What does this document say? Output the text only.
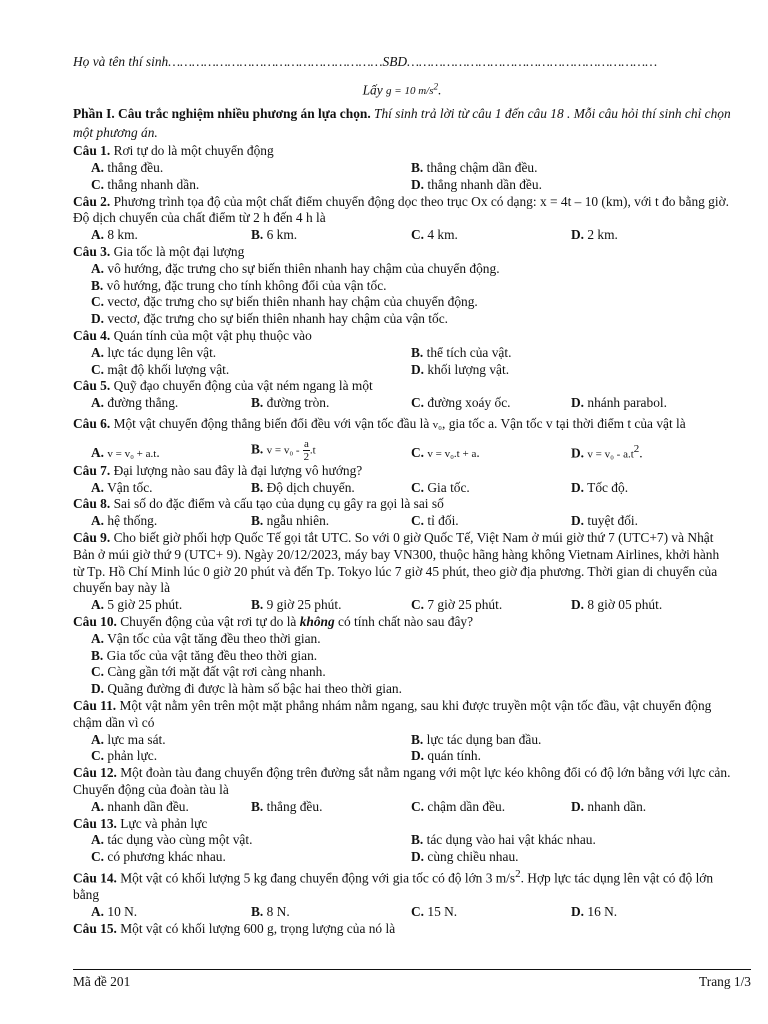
Họ và tên thí sinh………………………………………………SBD………………………………………………………
Lấy g = 10 $m/s^2$.
Phần I. Câu trắc nghiệm nhiều phương án lựa chọn. Thí sinh trả lời từ câu 1 đến câu 18 . Mỗi câu hỏi thí sinh chỉ chọn một phương án.
Câu 1. Rơi tự do là một chuyển động
A. thẳng đều.	B. thẳng chậm dần đều.
C. thẳng nhanh dần.	D. thẳng nhanh dần đều.
Câu 2. Phương trình tọa độ của một chất điểm chuyển động dọc theo trục Ox có dạng: x = 4t – 10 (km), với t đo bằng giờ. Độ dịch chuyển của chất điểm từ 2 h đến 4 h là
A. 8 km.	B. 6 km.	C. 4 km.	D. 2 km.
Câu 3. Gia tốc là một đại lượng
A. vô hướng, đặc trưng cho sự biến thiên nhanh hay chậm của chuyển động.
B. vô hướng, đặc trung cho tính không đổi của vận tốc.
C. vectơ, đặc trưng cho sự biến thiên nhanh hay chậm của chuyển động.
D. vectơ, đặc trưng cho sự biến thiên nhanh hay chậm của vận tốc.
Câu 4. Quán tính của một vật phụ thuộc vào
A. lực tác dụng lên vật.	B. thể tích của vật.
C. mật độ khối lượng vật.	D. khối lượng vật.
Câu 5. Quỹ đạo chuyển động của vật ném ngang là một
A. đường thẳng.	B. đường tròn.	C. đường xoáy ốc.	D. nhánh parabol.
Câu 6. Một vật chuyển động thẳng biến đổi đều với vận tốc đầu là v₀, gia tốc a. Vận tốc v tại thời điểm t của vật là
A. v = v₀ + a.t.	B. $v = v_0 - \frac{a}{2} .t$	C. v = v₀.t + a.	D. $v = v_0 - a.t^2$.
Câu 7. Đại lượng nào sau đây là đại lượng vô hướng?
A. Vận tốc.	B. Độ dịch chuyển.	C. Gia tốc.	D. Tốc độ.
Câu 8. Sai số do đặc điểm và cấu tạo của dụng cụ gây ra gọi là sai số
A. hệ thống.	B. ngẫu nhiên.	C. tỉ đối.	D. tuyệt đối.
Câu 9. Cho biết giờ phối hợp Quốc Tế gọi tắt UTC. So với 0 giờ Quốc Tế, Việt Nam ở múi giờ thứ 7 (UTC+7) và Nhật Bản ở múi giờ thứ 9 (UTC+ 9). Ngày 20/12/2023, máy bay VN300, thuộc hãng hàng không Vietnam Airlines, khởi hành từ Tp. Hồ Chí Minh lúc 0 giờ 20 phút và đến Tp. Tokyo lúc 7 giờ 45 phút, theo giờ địa phương. Thời gian di chuyển của chuyến bay này là
A. 5 giờ 25 phút.	B. 9 giờ 25 phút.	C. 7 giờ 25 phút.	D. 8 giờ 05 phút.
Câu 10. Chuyển động của vật rơi tự do là không có tính chất nào sau đây?
A. Vận tốc của vật tăng đều theo thời gian.
B. Gia tốc của vật tăng đều theo thời gian.
C. Càng gần tới mặt đất vật rơi càng nhanh.
D. Quãng đường đi được là hàm số bậc hai theo thời gian.
Câu 11. Một vật nằm yên trên một mặt phẳng nhám nằm ngang, sau khi được truyền một vận tốc đầu, vật chuyển động chậm dần vì có
A. lực ma sát.	B. lực tác dụng ban đầu.
C. phản lực.	D. quán tính.
Câu 12. Một đoàn tàu đang chuyển động trên đường sắt nằm ngang với một lực kéo không đổi có độ lớn bằng với lực cản. Chuyển động của đoàn tàu là
A. nhanh dần đều.	B. thẳng đều.	C. chậm dần đều.	D. nhanh dần.
Câu 13. Lực và phản lực
A. tác dụng vào cùng một vật.	B. tác dụng vào hai vật khác nhau.
C. có phương khác nhau.	D. cùng chiều nhau.
Câu 14. Một vật có khối lượng 5 kg đang chuyển động với gia tốc có độ lớn 3 $m/s^2$. Hợp lực tác dụng lên vật có độ lớn bằng
A. 10 N.	B. 8 N.	C. 15 N.	D. 16 N.
Câu 15. Một vật có khối lượng 600 g, trọng lượng của nó là
Mã đề 201	Trang 1/3
